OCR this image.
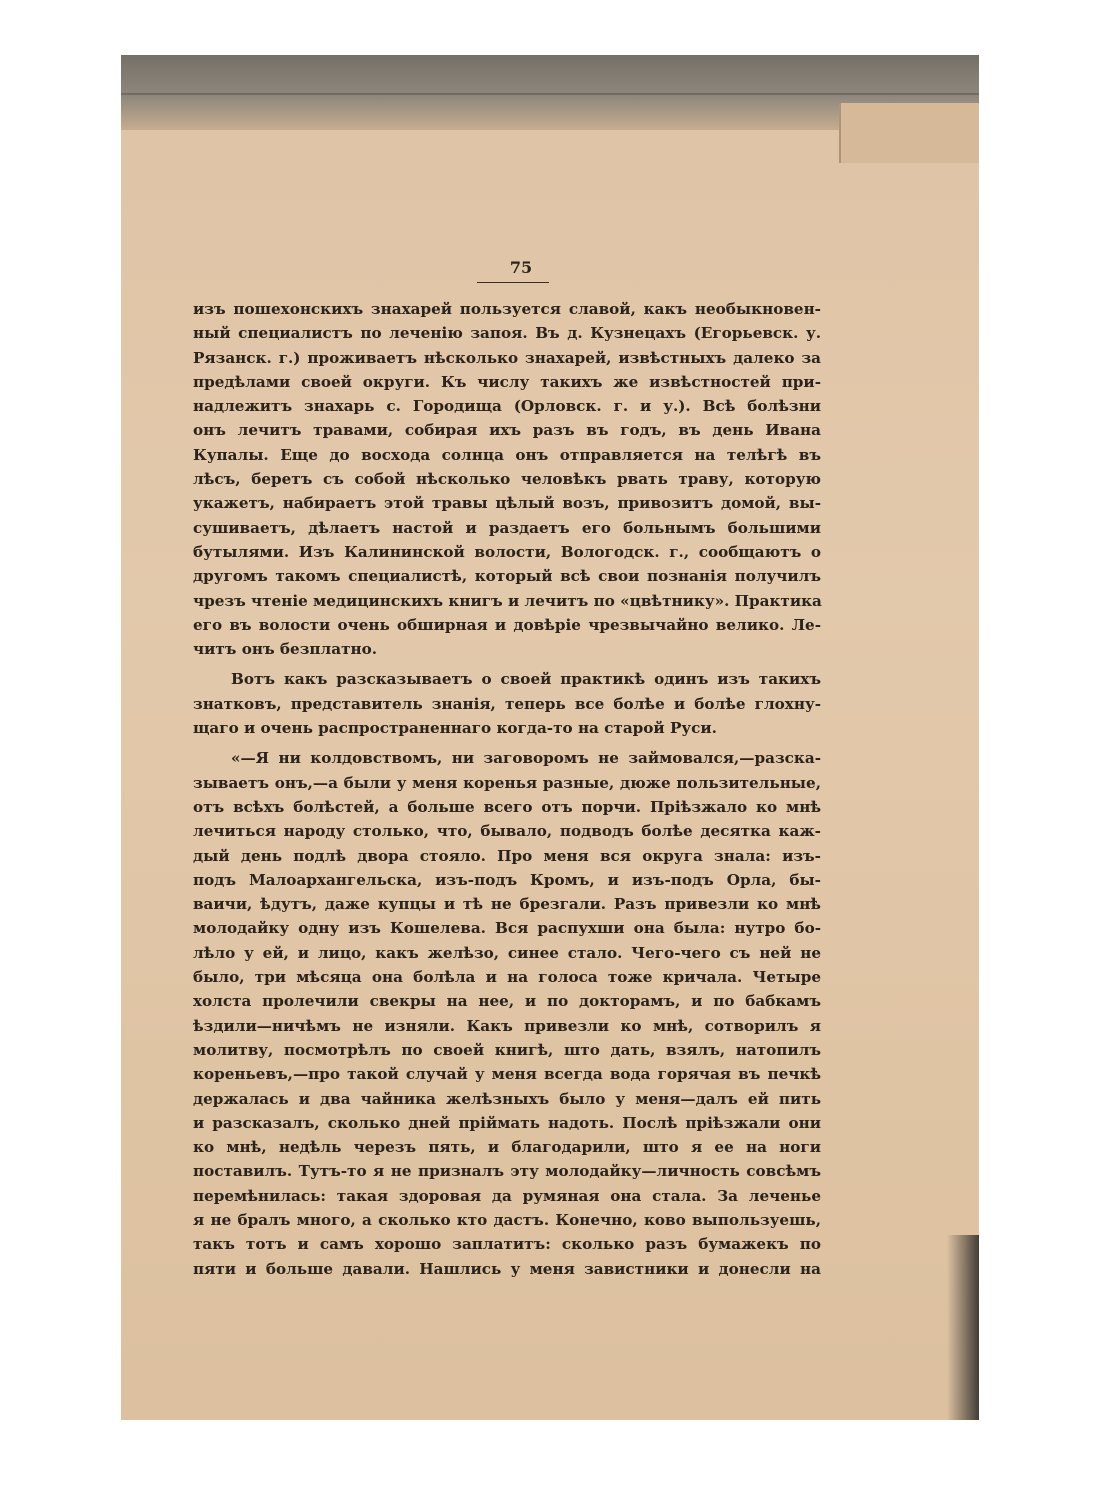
75
изъ пошехонскихъ знахарей пользуется славой, какъ необыкновен-
ный специалистъ по леченію запоя. Въ д. Кузнецахъ (Егорьевск. у.
Рязанск. г.) проживаетъ нѣсколько знахарей, извѣстныхъ далеко за
предѣлами своей округи. Къ числу такихъ же извѣстностей при-
надлежитъ знахарь с. Городища (Орловск. г. и у.). Всѣ болѣзни
онъ лечитъ травами, собирая ихъ разъ въ годъ, въ день Ивана
Купалы. Еще до восхода солнца онъ отправляется на телѣгѣ въ
лѣсъ, беретъ съ собой нѣсколько человѣкъ рвать траву, которую
укажетъ, набираетъ этой травы цѣлый возъ, привозитъ домой, вы-
сушиваетъ, дѣлаетъ настой и раздаетъ его больнымъ большими
бутылями. Изъ Калининской волости, Вологодск. г., сообщаютъ о
другомъ такомъ специалистѣ, который всѣ свои познанія получилъ
чрезъ чтеніе медицинскихъ книгъ и лечитъ по «цвѣтнику». Практика
его въ волости очень обширная и довѣріе чрезвычайно велико. Ле-
читъ онъ безплатно.
Вотъ какъ разсказываетъ о своей практикѣ одинъ изъ такихъ
знатковъ, представитель знанія, теперь все болѣе и болѣе глохну-
щаго и очень распространеннаго когда-то на старой Руси.
«—Я ни колдовствомъ, ни заговоромъ не займовался,—разска-
зываетъ онъ,—а были у меня коренья разные, дюже пользительные,
отъ всѣхъ болѣстей, а больше всего отъ порчи. Пріѣзжало ко мнѣ
лечиться народу столько, что, бывало, подводъ болѣе десятка каж-
дый день подлѣ двора стояло. Про меня вся округа знала: изъ-
подъ Малоархангельска, изъ-подъ Кромъ, и изъ-подъ Орла, бы-
ваичи, ѣдутъ, даже купцы и тѣ не брезгали. Разъ привезли ко мнѣ
молодайку одну изъ Кошелева. Вся распухши она была: нутро бо-
лѣло у ей, и лицо, какъ желѣзо, синее стало. Чего-чего съ ней не
было, три мѣсяца она болѣла и на голоса тоже кричала. Четыре
холста пролечили свекры на нее, и по докторамъ, и по бабкамъ
ѣздили—ничѣмъ не изняли. Какъ привезли ко мнѣ, сотворилъ я
молитву, посмотрѣлъ по своей книгѣ, што дать, взялъ, натопилъ
кореньевъ,—про такой случай у меня всегда вода горячая въ печкѣ
держалась и два чайника желѣзныхъ было у меня—далъ ей пить
и разсказалъ, сколько дней пріймать надоть. Послѣ пріѣзжали они
ко мнѣ, недѣль черезъ пять, и благодарили, што я ее на ноги
поставилъ. Тутъ-то я не призналъ эту молодайку—личность совсѣмъ
перемѣнилась: такая здоровая да румяная она стала. За леченье
я не бралъ много, а сколько кто дастъ. Конечно, ково выпользуешь,
такъ тотъ и самъ хорошо заплатитъ: сколько разъ бумажекъ по
пяти и больше давали. Нашлись у меня завистники и донесли на
